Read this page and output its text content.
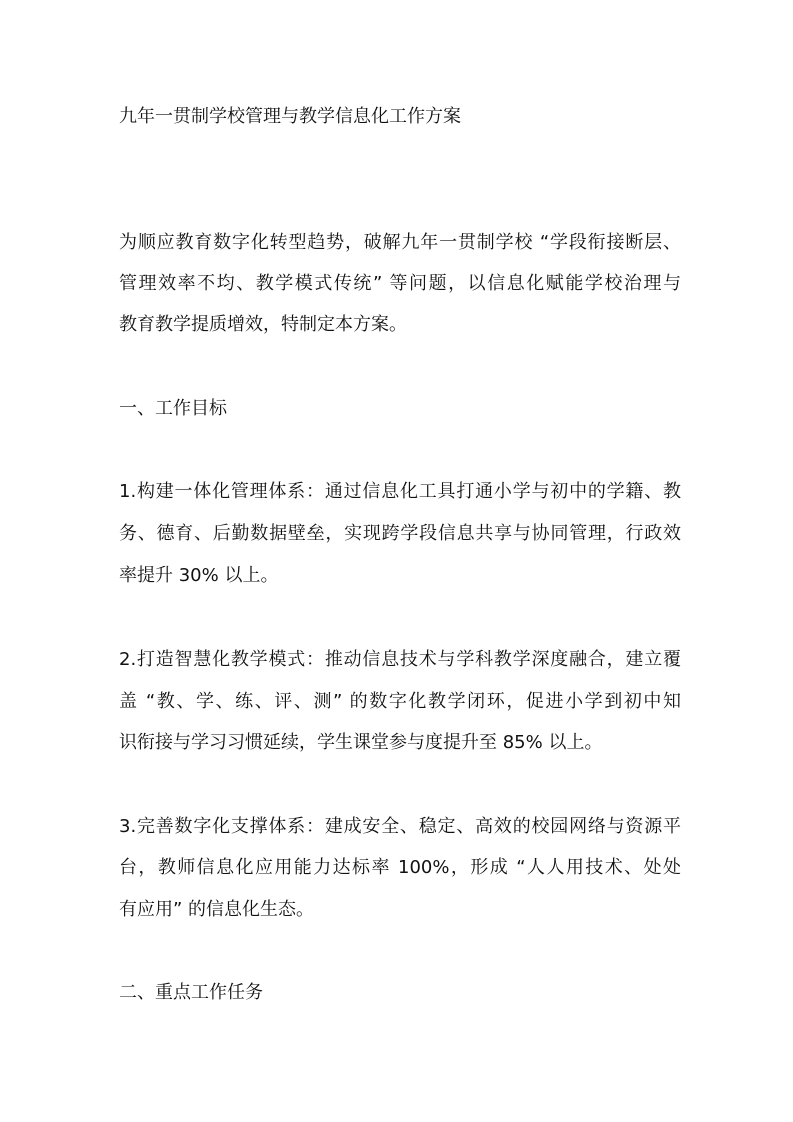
九年一贯制学校管理与教学信息化工作方案
为顺应教育数字化转型趋势，破解九年一贯制学校 “学段衔接断层、
管理效率不均、教学模式传统” 等问题，以信息化赋能学校治理与
教育教学提质增效，特制定本方案。
一、工作目标
1.构建一体化管理体系：通过信息化工具打通小学与初中的学籍、教
务、德育、后勤数据壁垒，实现跨学段信息共享与协同管理，行政效
率提升 30% 以上。
2.打造智慧化教学模式：推动信息技术与学科教学深度融合，建立覆
盖 “教、学、练、评、测” 的数字化教学闭环，促进小学到初中知
识衔接与学习习惯延续，学生课堂参与度提升至 85% 以上。
3.完善数字化支撑体系：建成安全、稳定、高效的校园网络与资源平
台，教师信息化应用能力达标率 100%，形成 “人人用技术、处处
有应用” 的信息化生态。
二、重点工作任务
